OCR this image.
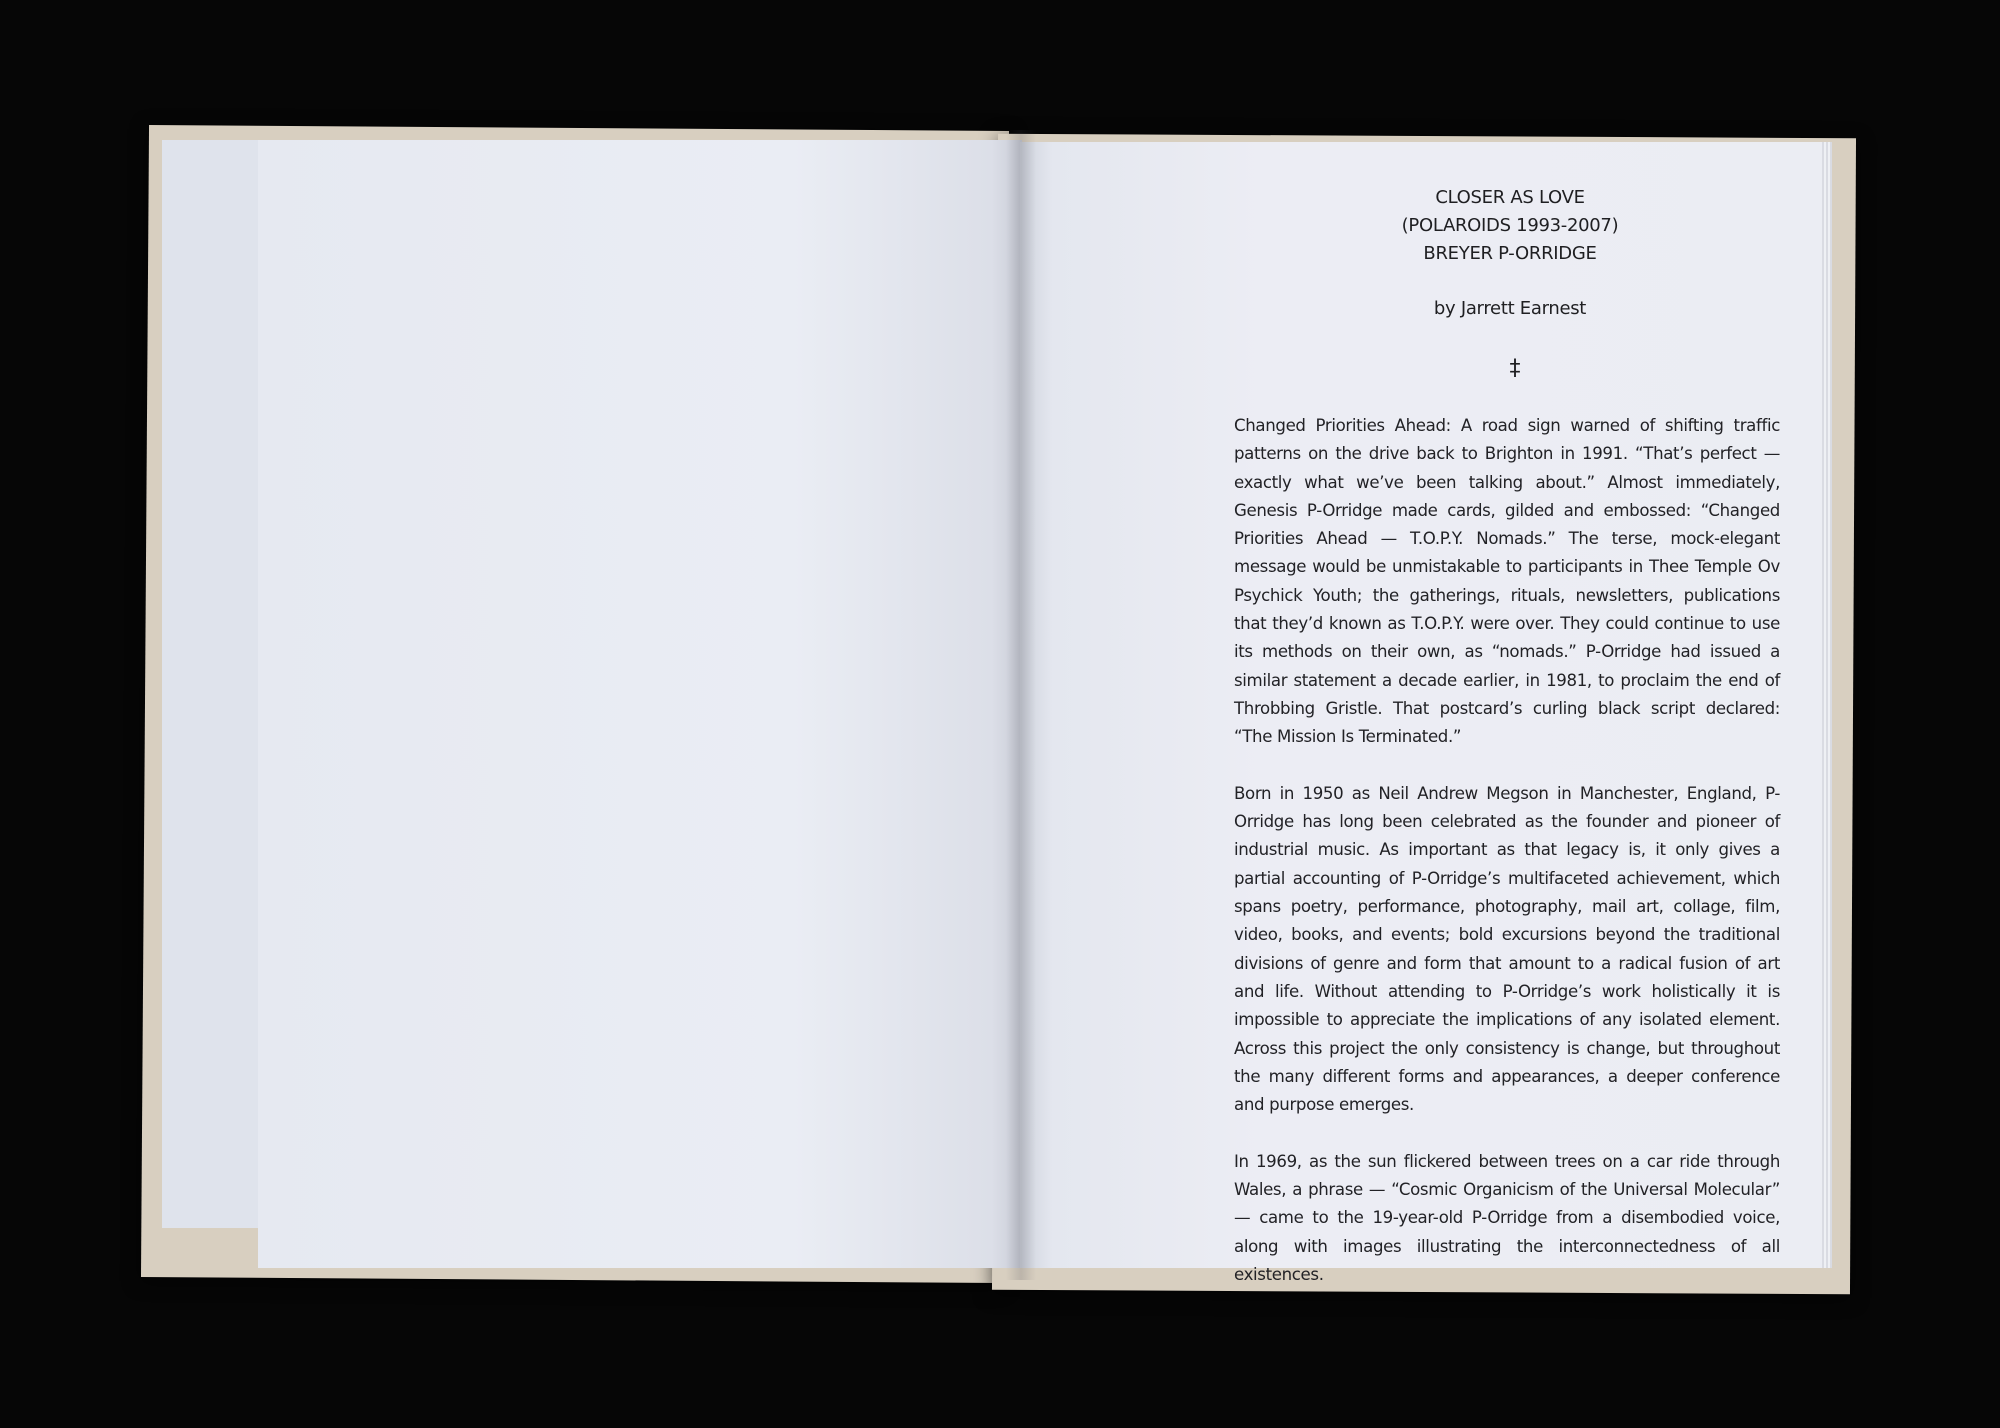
CLOSER AS LOVE
(POLAROIDS 1993-2007)
BREYER P-ORRIDGE
by Jarrett Earnest
‡

Changed Priorities Ahead: A road sign warned of shifting traffic patterns on the drive back to Brighton in 1991. “That’s perfect — exactly what we’ve been talking about.” Almost immediately, Genesis P-Orridge made cards, gilded and embossed: “Changed Priorities Ahead — T.O.P.Y. Nomads.” The terse, mock-elegant message would be unmistakable to participants in Thee Temple Ov Psychick Youth; the gatherings, rituals, newsletters, publications that they’d known as T.O.P.Y. were over. They could continue to use its methods on their own, as “nomads.” P-Orridge had issued a similar statement a decade earlier, in 1981, to proclaim the end of Throbbing Gristle. That postcard’s curling black script declared: “The Mission Is Terminated.”

Born in 1950 as Neil Andrew Megson in Manchester, England, P-Orridge has long been celebrated as the founder and pioneer of industrial music. As important as that legacy is, it only gives a partial accounting of P-Orridge’s multifaceted achievement, which spans poetry, performance, photography, mail art, collage, film, video, books, and events; bold excursions beyond the traditional divisions of genre and form that amount to a radical fusion of art and life. Without attending to P-Orridge’s work holistically it is impossible to appreciate the implications of any isolated element. Across this project the only consistency is change, but throughout the many different forms and appearances, a deeper conference and purpose emerges.

In 1969, as the sun flickered between trees on a car ride through Wales, a phrase — “Cosmic Organicism of the Universal Molecular” — came to the 19-year-old P-Orridge from a disembodied voice, along with images illustrating the interconnectedness of all existences.
